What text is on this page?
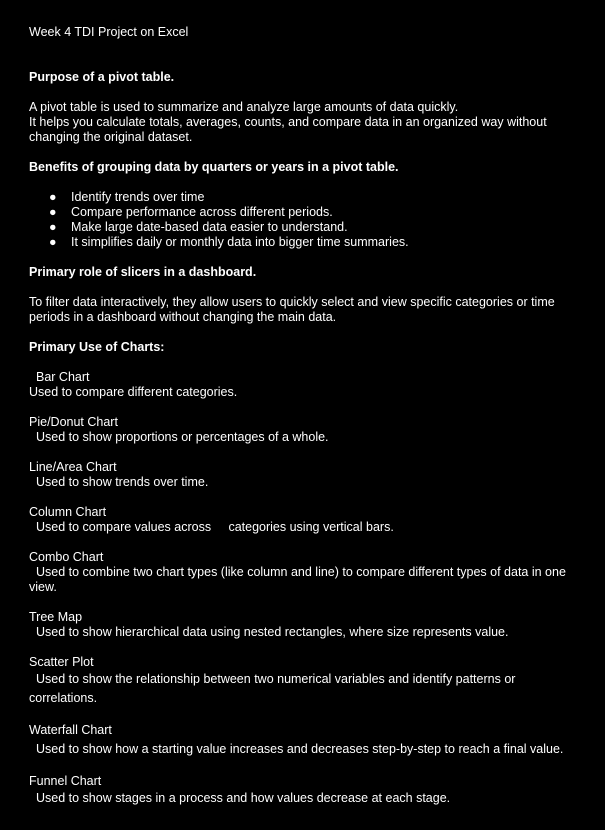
Week 4 TDI Project on Excel
Purpose of a pivot table.
A pivot table is used to summarize and analyze large amounts of data quickly.
It helps you calculate totals, averages, counts, and compare data in an organized way without changing the original dataset.
Benefits of grouping data by quarters or years in a pivot table.
● Identify trends over time
● Compare performance across different periods.
● Make large date-based data easier to understand.
● It simplifies daily or monthly data into bigger time summaries.
Primary role of slicers in a dashboard.
To filter data interactively, they allow users to quickly select and view specific categories or time periods in a dashboard without changing the main data.
Primary Use of Charts:
Bar Chart
Used to compare different categories.
Pie/Donut Chart
Used to show proportions or percentages of a whole.
Line/Area Chart
Used to show trends over time.
Column Chart
Used to compare values across     categories using vertical bars.
Combo Chart
Used to combine two chart types (like column and line) to compare different types of data in one view.
Tree Map
Used to show hierarchical data using nested rectangles, where size represents value.
Scatter Plot
Used to show the relationship between two numerical variables and identify patterns or correlations.
Waterfall Chart
Used to show how a starting value increases and decreases step-by-step to reach a final value.
Funnel Chart
Used to show stages in a process and how values decrease at each stage.
